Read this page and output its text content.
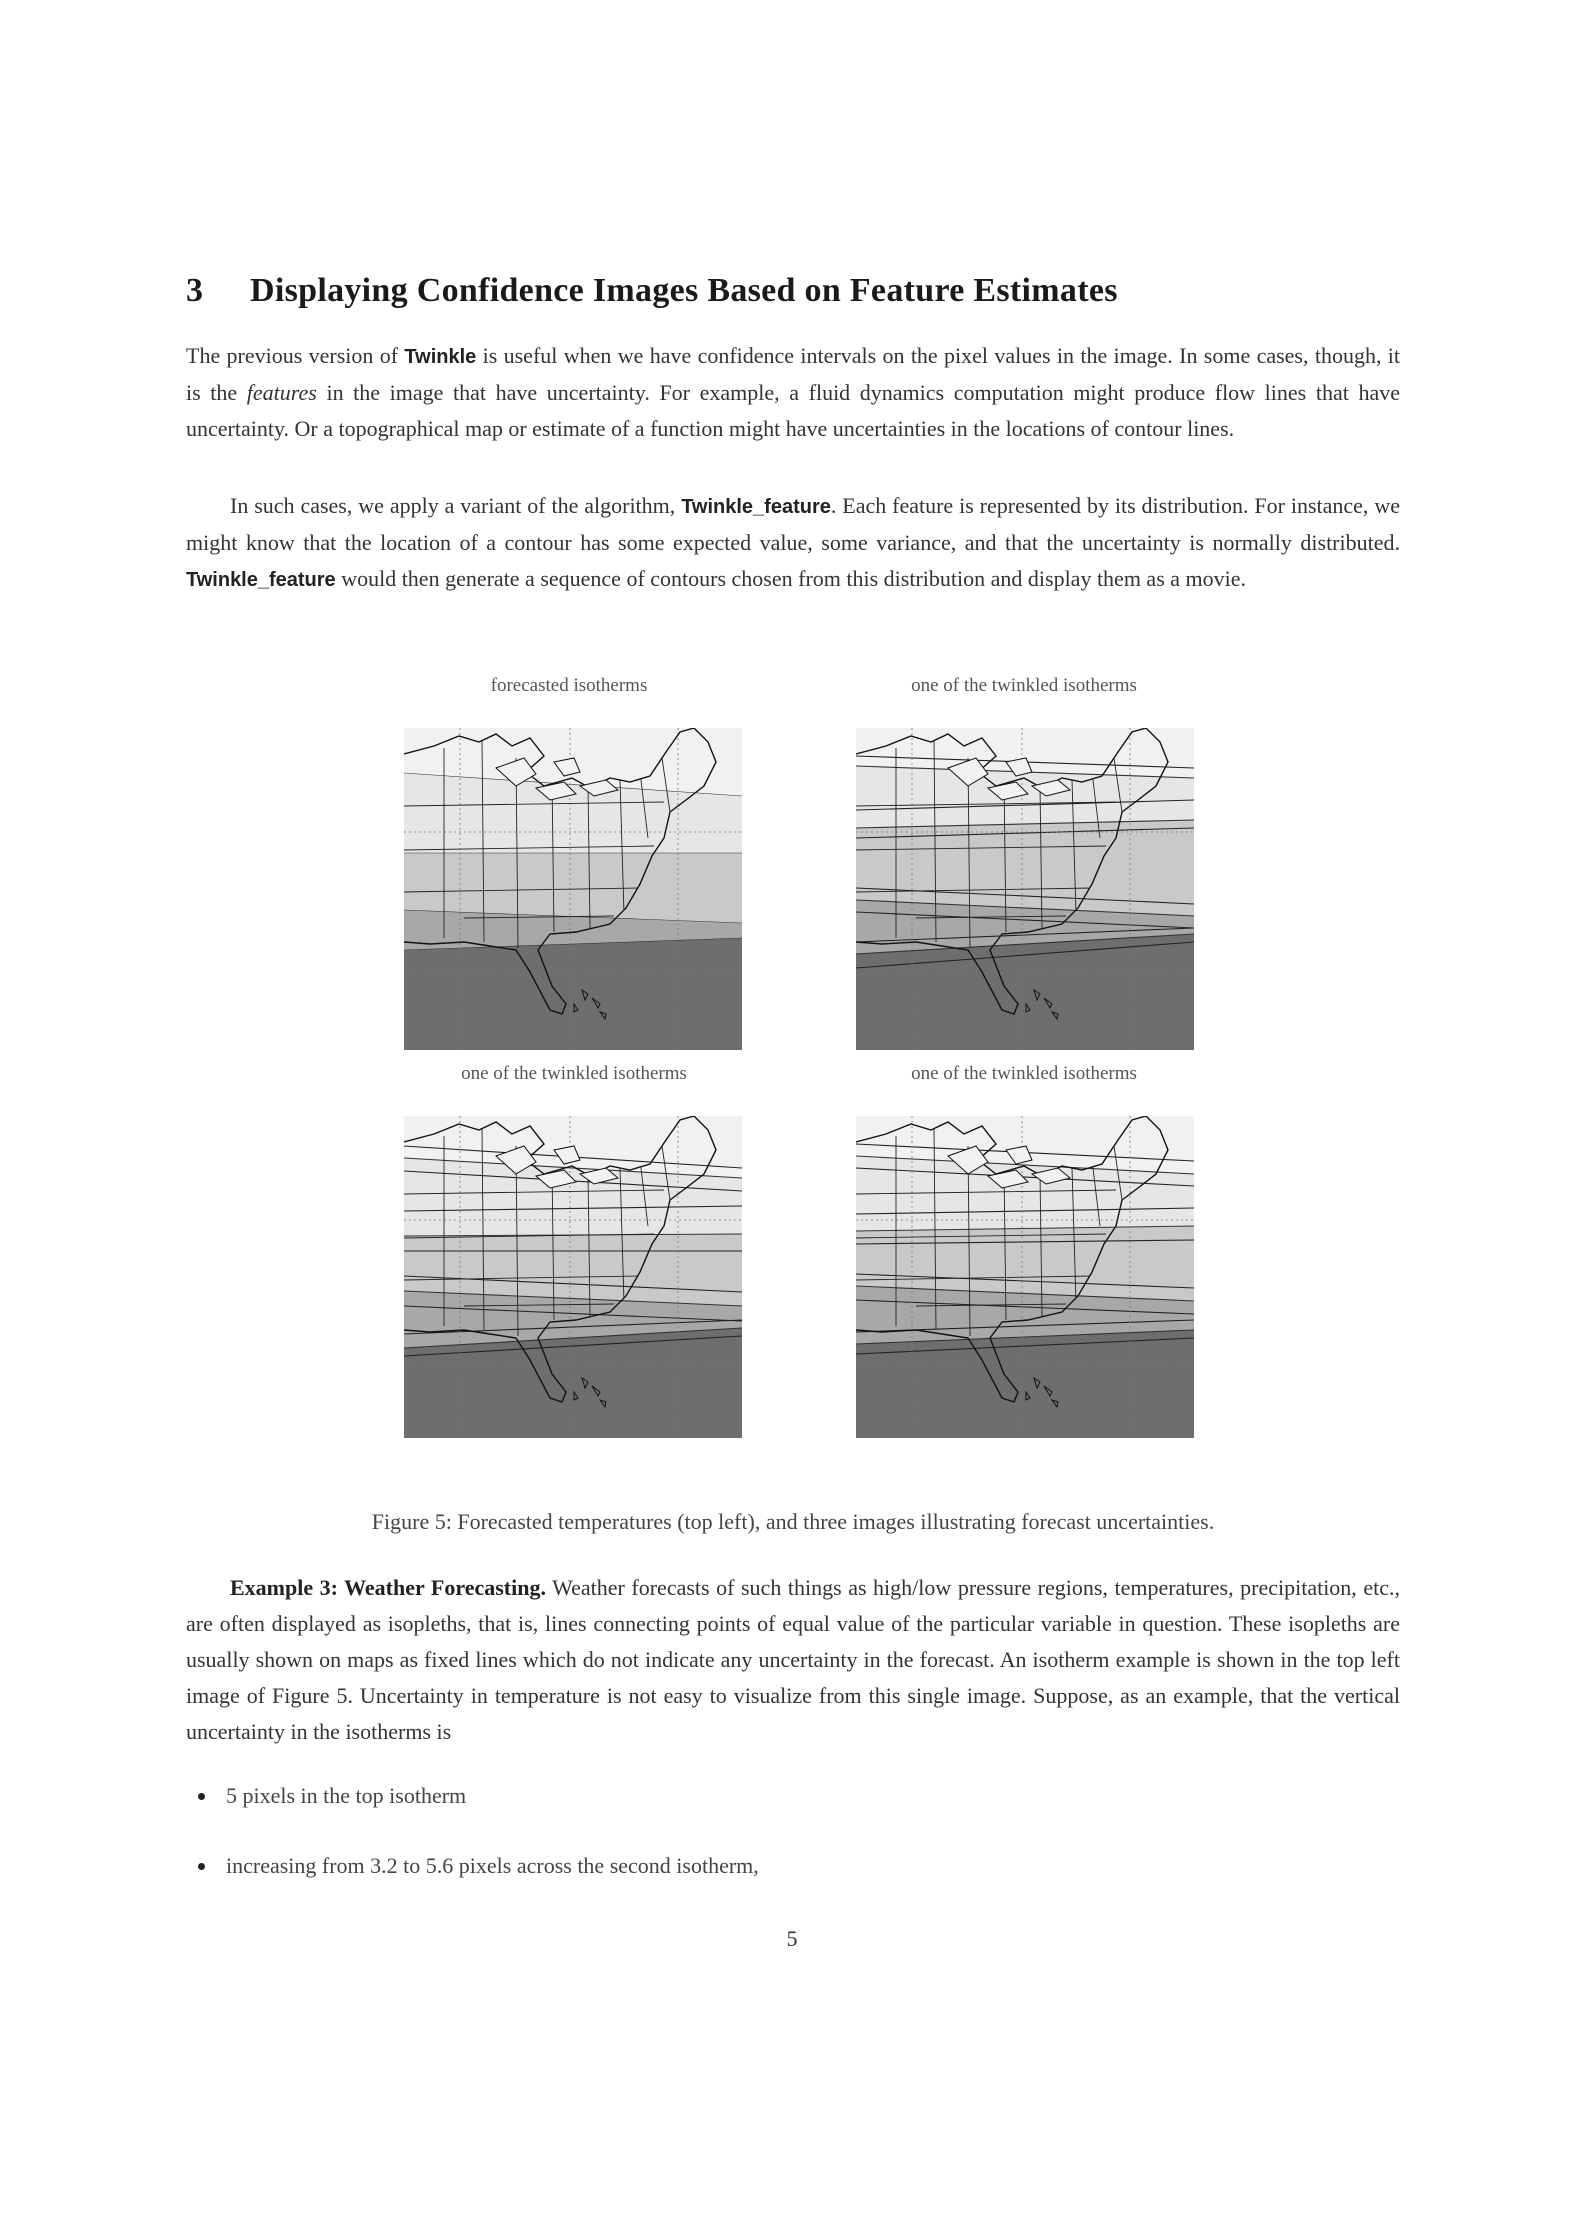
3 Displaying Confidence Images Based on Feature Estimates

The previous version of Twinkle is useful when we have confidence intervals on the pixel values in the image. In some cases, though, it is the features in the image that have uncertainty. For example, a fluid dynamics computation might produce flow lines that have uncertainty. Or a topographical map or estimate of a function might have uncertainties in the locations of contour lines.

In such cases, we apply a variant of the algorithm, Twinkle_feature. Each feature is represented by its distribution. For instance, we might know that the location of a contour has some expected value, some variance, and that the uncertainty is normally distributed. Twinkle_feature would then generate a sequence of contours chosen from this distribution and display them as a movie.

forecasted isotherms	one of the twinkled isotherms
one of the twinkled isotherms	one of the twinkled isotherms
Figure 5: Forecasted temperatures (top left), and three images illustrating forecast uncertainties.

Example 3: Weather Forecasting. Weather forecasts of such things as high/low pressure regions, temperatures, precipitation, etc., are often displayed as isopleths, that is, lines connecting points of equal value of the particular variable in question. These isopleths are usually shown on maps as fixed lines which do not indicate any uncertainty in the forecast. An isotherm example is shown in the top left image of Figure 5. Uncertainty in temperature is not easy to visualize from this single image. Suppose, as an example, that the vertical uncertainty in the isotherms is

5 pixels in the top isotherm
increasing from 3.2 to 5.6 pixels across the second isotherm,
5
